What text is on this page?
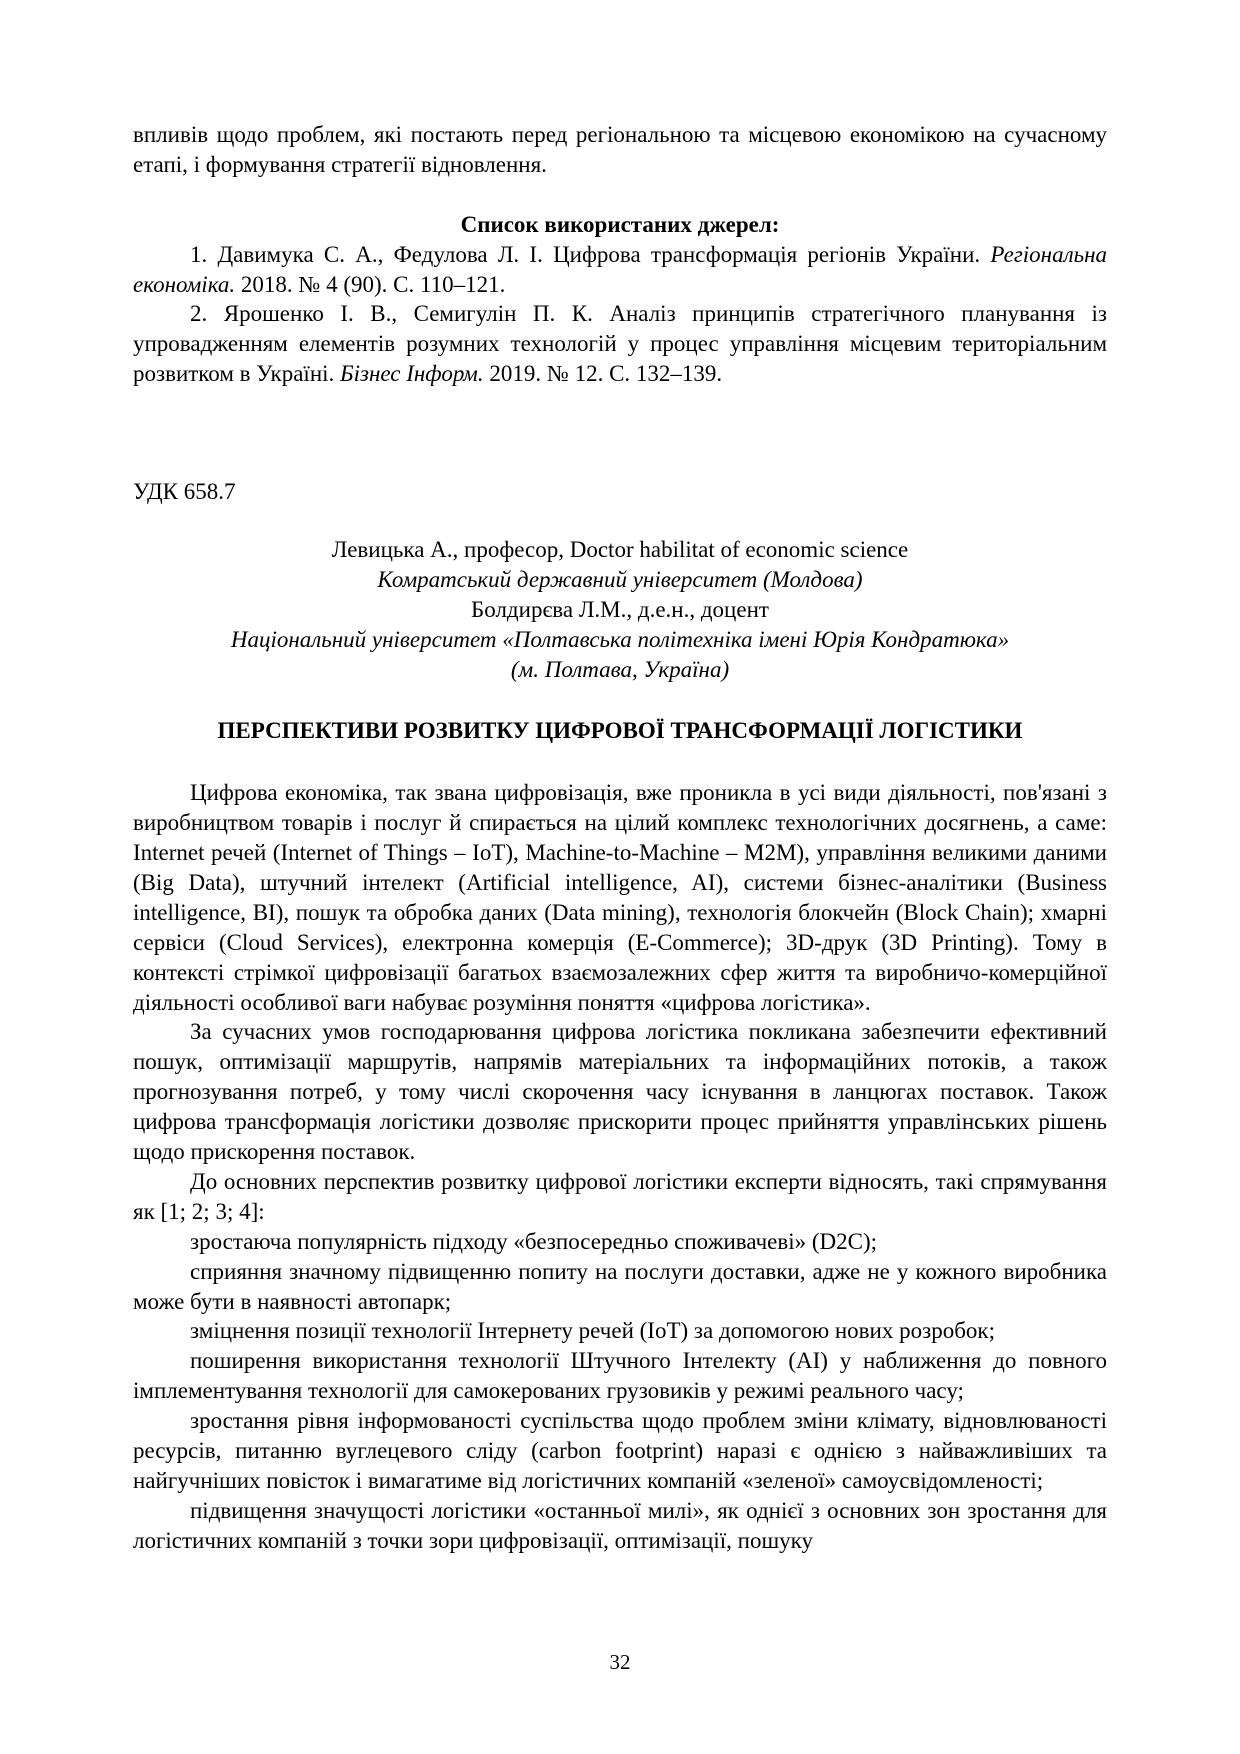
впливів щодо проблем, які постають перед регіональною та місцевою економікою на сучасному етапі, і формування стратегії відновлення.

Список використаних джерел:

1. Давимука С. А., Федулова Л. І. Цифрова трансформація регіонів України. Регіональна економіка. 2018. № 4 (90). С. 110–121.

2. Ярошенко І. В., Семигулін П. К. Аналіз принципів стратегічного планування із упровадженням елементів розумних технологій у процес управління місцевим територіальним розвитком в Україні. Бізнес Інформ. 2019. № 12. С. 132–139.

УДК 658.7

Левицька А., професор, Doctor habilitat of economic science
Комратський державний університет (Молдова)
Болдирєва Л.М., д.е.н., доцент
Національний університет «Полтавська політехніка імені Юрія Кондратюка»
(м. Полтава, Україна)
ПЕРСПЕКТИВИ РОЗВИТКУ ЦИФРОВОЇ ТРАНСФОРМАЦІЇ ЛОГІСТИКИ

Цифрова економіка, так звана цифровізація, вже проникла в усі види діяльності, пов'язані з виробництвом товарів і послуг й спирається на цілий комплекс технологічних досягнень, а саме: Internet речей (Internet of Things – IoT), Machine-to-Machine – M2M), управління великими даними (Big Data), штучний інтелект (Artificial intelligence, AI), системи бізнес-аналітики (Business intelligence, BI), пошук та обробка даних (Data mining), технологія блокчейн (Block Chain); хмарні сервіси (Cloud Services), електронна комерція (E-Commerce); 3D-друк (3D Printing). Тому в контексті стрімкої цифровізації багатьох взаємозалежних сфер життя та виробничо-комерційної діяльності особливої ваги набуває розуміння поняття «цифрова логістика».

За сучасних умов господарювання цифрова логістика покликана забезпечити ефективний пошук, оптимізації маршрутів, напрямів матеріальних та інформаційних потоків, а також прогнозування потреб, у тому числі скорочення часу існування в ланцюгах поставок. Також цифрова трансформація логістики дозволяє прискорити процес прийняття управлінських рішень щодо прискорення поставок.

До основних перспектив розвитку цифрової логістики експерти відносять, такі спрямування як [1; 2; 3; 4]:

зростаюча популярність підходу «безпосередньо споживачеві» (D2C);

сприяння значному підвищенню попиту на послуги доставки, адже не у кожного виробника може бути в наявності автопарк;

зміцнення позиції технології Інтернету речей (IoT) за допомогою нових розробок;

поширення використання технології Штучного Інтелекту (AI) у наближення до повного імплементування технології для самокерованих грузовиків у режимі реального часу;

зростання рівня інформованості суспільства щодо проблем зміни клімату, відновлюваності ресурсів, питанню вуглецевого сліду (carbon footprint) наразі є однією з найважливіших та найгучніших повісток і вимагатиме від логістичних компаній «зеленої» самоусвідомленості;

підвищення значущості логістики «останньої милі», як однієї з основних зон зростання для логістичних компаній з точки зори цифровізації, оптимізації, пошуку

32
